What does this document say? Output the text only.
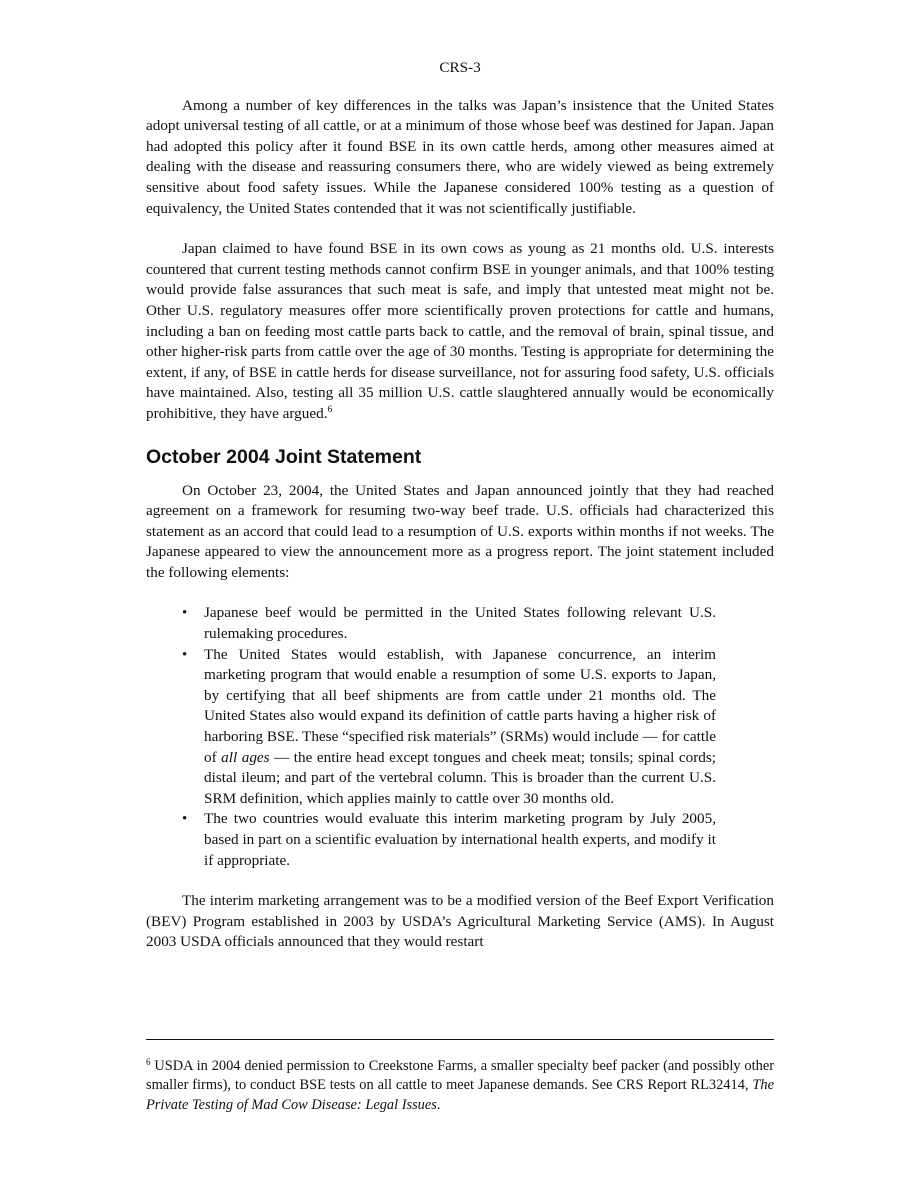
CRS-3

Among a number of key differences in the talks was Japan’s insistence that the United States adopt universal testing of all cattle, or at a minimum of those whose beef was destined for Japan. Japan had adopted this policy after it found BSE in its own cattle herds, among other measures aimed at dealing with the disease and reassuring consumers there, who are widely viewed as being extremely sensitive about food safety issues. While the Japanese considered 100% testing as a question of equivalency, the United States contended that it was not scientifically justifiable.

Japan claimed to have found BSE in its own cows as young as 21 months old. U.S. interests countered that current testing methods cannot confirm BSE in younger animals, and that 100% testing would provide false assurances that such meat is safe, and imply that untested meat might not be. Other U.S. regulatory measures offer more scientifically proven protections for cattle and humans, including a ban on feeding most cattle parts back to cattle, and the removal of brain, spinal tissue, and other higher-risk parts from cattle over the age of 30 months. Testing is appropriate for determining the extent, if any, of BSE in cattle herds for disease surveillance, not for assuring food safety, U.S. officials have maintained. Also, testing all 35 million U.S. cattle slaughtered annually would be economically prohibitive, they have argued.$^6$

October 2004 Joint Statement

On October 23, 2004, the United States and Japan announced jointly that they had reached agreement on a framework for resuming two-way beef trade. U.S. officials had characterized this statement as an accord that could lead to a resumption of U.S. exports within months if not weeks. The Japanese appeared to view the announcement more as a progress report. The joint statement included the following elements:

• Japanese beef would be permitted in the United States following relevant U.S. rulemaking procedures.
• The United States would establish, with Japanese concurrence, an interim marketing program that would enable a resumption of some U.S. exports to Japan, by certifying that all beef shipments are from cattle under 21 months old. The United States also would expand its definition of cattle parts having a higher risk of harboring BSE. These “specified risk materials” (SRMs) would include — for cattle of all ages — the entire head except tongues and cheek meat; tonsils; spinal cords; distal ileum; and part of the vertebral column. This is broader than the current U.S. SRM definition, which applies mainly to cattle over 30 months old.
• The two countries would evaluate this interim marketing program by July 2005, based in part on a scientific evaluation by international health experts, and modify it if appropriate.

The interim marketing arrangement was to be a modified version of the Beef Export Verification (BEV) Program established in 2003 by USDA’s Agricultural Marketing Service (AMS). In August 2003 USDA officials announced that they would restart

$^6$ USDA in 2004 denied permission to Creekstone Farms, a smaller specialty beef packer (and possibly other smaller firms), to conduct BSE tests on all cattle to meet Japanese demands. See CRS Report RL32414, The Private Testing of Mad Cow Disease: Legal Issues.
